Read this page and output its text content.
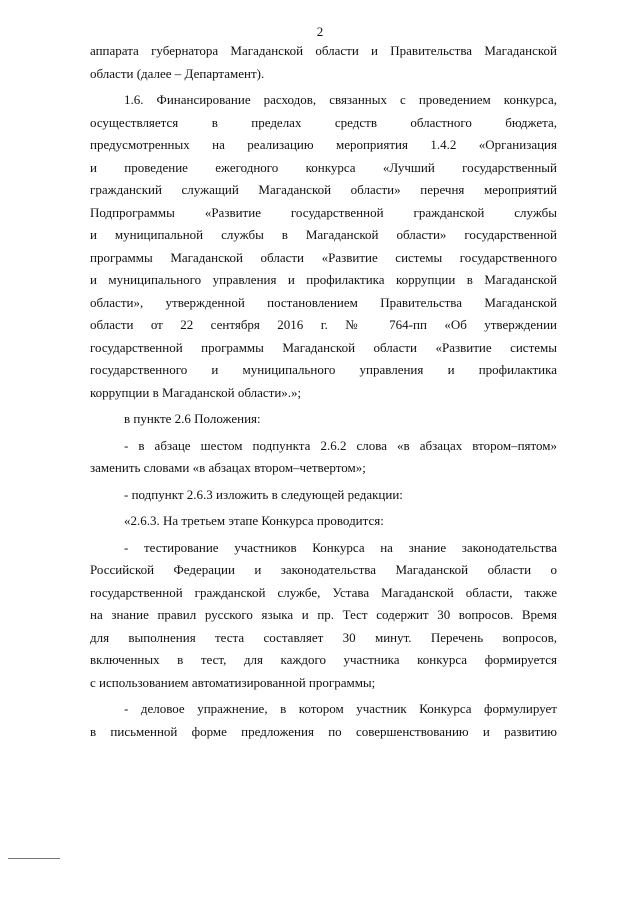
2
аппарата губернатора Магаданской области и Правительства Магаданской
области (далее – Департамент).
1.6. Финансирование расходов, связанных с проведением конкурса,
осуществляется в пределах средств областного бюджета,
предусмотренных на реализацию мероприятия 1.4.2 «Организация
и проведение ежегодного конкурса «Лучший государственный
гражданский служащий Магаданской области» перечня мероприятий
Подпрограммы «Развитие государственной гражданской службы
и муниципальной службы в Магаданской области» государственной
программы Магаданской области «Развитие системы государственного
и муниципального управления и профилактика коррупции в Магаданской
области», утвержденной постановлением Правительства Магаданской
области от 22 сентября 2016 г. № 764-пп «Об утверждении
государственной программы Магаданской области «Развитие системы
государственного и муниципального управления и профилактика
коррупции в Магаданской области».»;
в пункте 2.6 Положения:
- в абзаце шестом подпункта 2.6.2 слова «в абзацах втором–пятом»
заменить словами «в абзацах втором–четвертом»;
- подпункт 2.6.3 изложить в следующей редакции:
«2.6.3. На третьем этапе Конкурса проводится:
- тестирование участников Конкурса на знание законодательства
Российской Федерации и законодательства Магаданской области о
государственной гражданской службе, Устава Магаданской области, также
на знание правил русского языка и пр. Тест содержит 30 вопросов. Время
для выполнения теста составляет 30 минут. Перечень вопросов,
включенных в тест, для каждого участника конкурса формируется
с использованием автоматизированной программы;
- деловое упражнение, в котором участник Конкурса формулирует
в письменной форме предложения по совершенствованию и развитию
